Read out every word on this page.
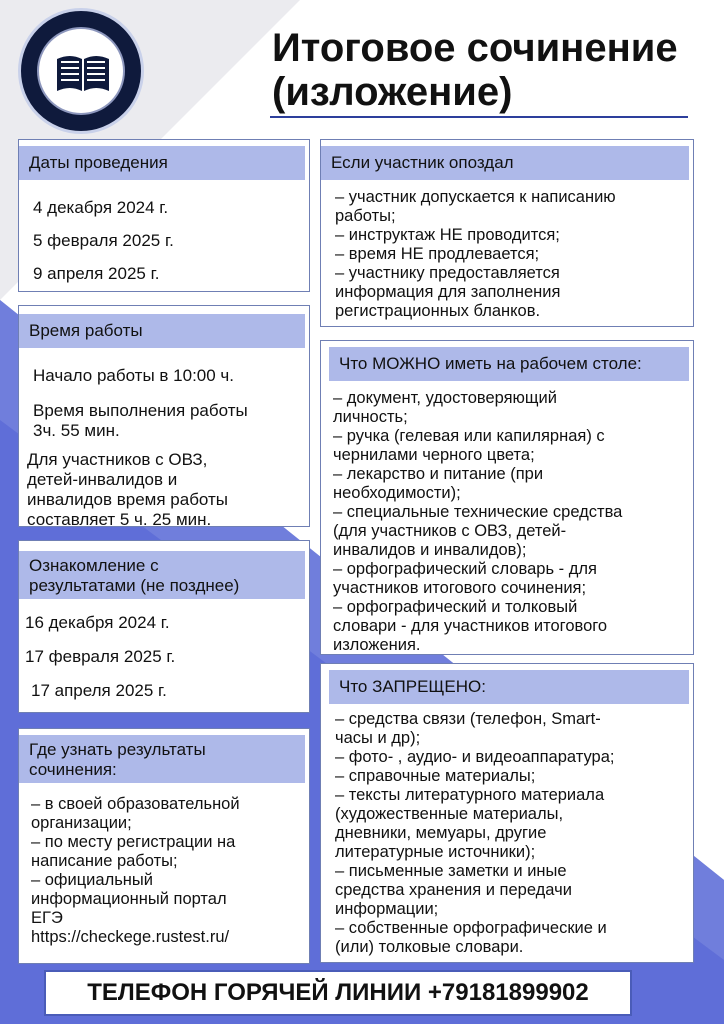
Итоговое сочинение
(изложение)
Даты проведения
4 декабря 2024 г.
5 февраля 2025 г.
9 апреля 2025 г.
Время работы
Начало работы в 10:00 ч.
Время выполнения работы
3ч. 55 мин.
Для участников с ОВЗ,
детей-инвалидов и
инвалидов время работы
составляет 5 ч. 25 мин.
Ознакомление с
результатами (не позднее)
16 декабря 2024 г.
17 февраля 2025 г.
17 апреля 2025 г.
Где узнать результаты
сочинения:
– в своей образовательной
организации;
– по месту регистрации на
написание работы;
– официальный
информационный портал
ЕГЭ
https://checkege.rustest.ru/
Если участник опоздал
– участник допускается к написанию
работы;
– инструктаж НЕ проводится;
– время НЕ продлевается;
– участнику предоставляется
информация для заполнения
регистрационных бланков.
Что МОЖНО иметь на рабочем столе:
– документ, удостоверяющий
личность;
– ручка (гелевая или капилярная) с
чернилами черного цвета;
– лекарство и питание (при
необходимости);
– специальные технические средства
(для участников с ОВЗ, детей-
инвалидов и инвалидов);
– орфографический словарь - для
участников итогового сочинения;
– орфографический и толковый
словари - для участников итогового
изложения.
Что ЗАПРЕЩЕНО:
– средства связи (телефон, Smart-
часы и др);
– фото- , аудио- и видеоаппаратура;
– справочные материалы;
– тексты литературного материала
(художественные материалы,
дневники, мемуары, другие
литературные источники);
– письменные заметки и иные
средства хранения и передачи
информации;
– собственные орфографические и
(или) толковые словари.
ТЕЛЕФОН ГОРЯЧЕЙ ЛИНИИ +79181899902
